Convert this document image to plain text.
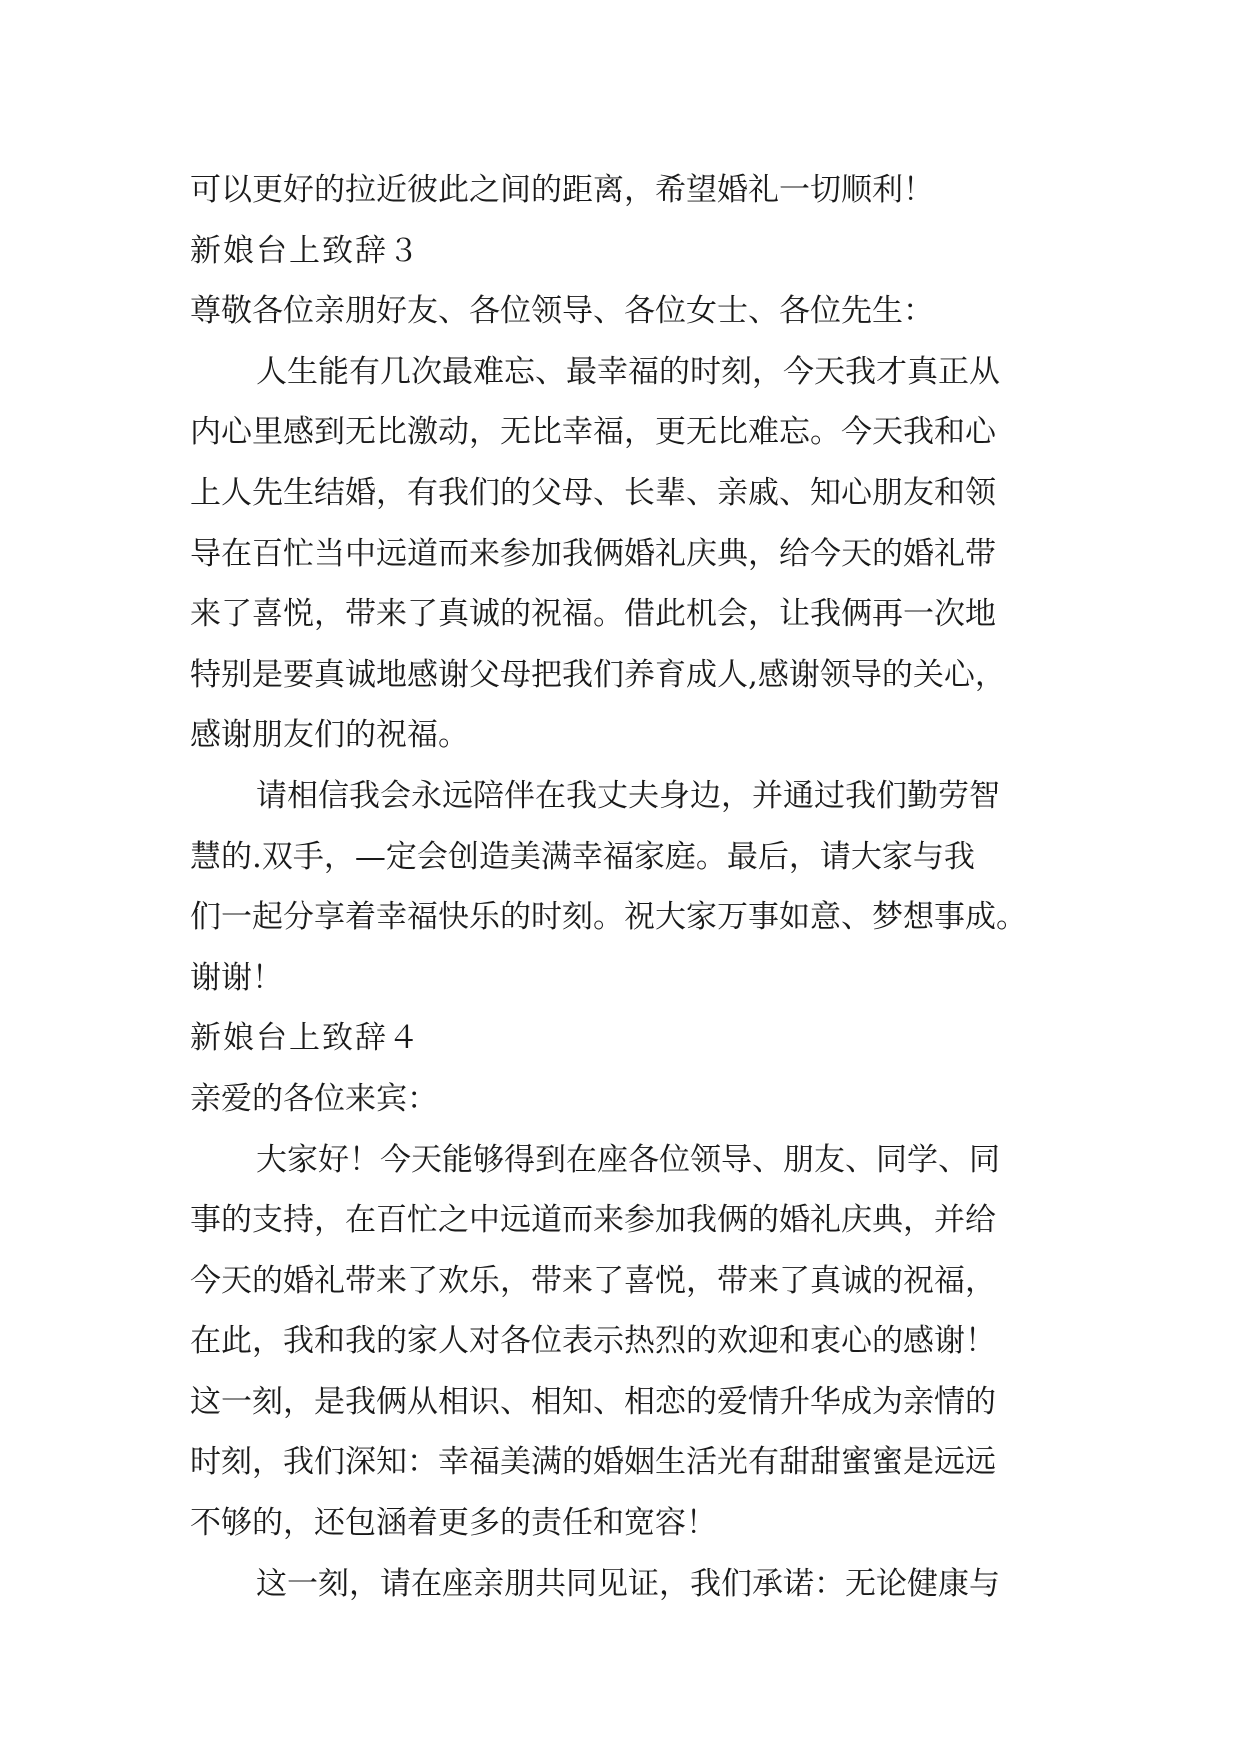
可以更好的拉近彼此之间的距离，希望婚礼一切顺利！
新娘台上致辞３
尊敬各位亲朋好友、各位领导、各位女士、各位先生：
人生能有几次最难忘、最幸福的时刻，今天我才真正从
内心里感到无比激动，无比幸福，更无比难忘。今天我和心
上人先生结婚，有我们的父母、长辈、亲戚、知心朋友和领
导在百忙当中远道而来参加我俩婚礼庆典，给今天的婚礼带
来了喜悦，带来了真诚的祝福。借此机会，让我俩再一次地
特别是要真诚地感谢父母把我们养育成人,感谢领导的关心，
感谢朋友们的祝福。
请相信我会永远陪伴在我丈夫身边，并通过我们勤劳智
慧的.双手，—定会创造美满幸福家庭。最后，请大家与我
们一起分享着幸福快乐的时刻。祝大家万事如意、梦想事成。
谢谢！
新娘台上致辞４
亲爱的各位来宾：
大家好！今天能够得到在座各位领导、朋友、同学、同
事的支持，在百忙之中远道而来参加我俩的婚礼庆典，并给
今天的婚礼带来了欢乐，带来了喜悦，带来了真诚的祝福，
在此，我和我的家人对各位表示热烈的欢迎和衷心的感谢！
这一刻，是我俩从相识、相知、相恋的爱情升华成为亲情的
时刻，我们深知：幸福美满的婚姻生活光有甜甜蜜蜜是远远
不够的，还包涵着更多的责任和宽容！
这一刻，请在座亲朋共同见证，我们承诺：无论健康与
